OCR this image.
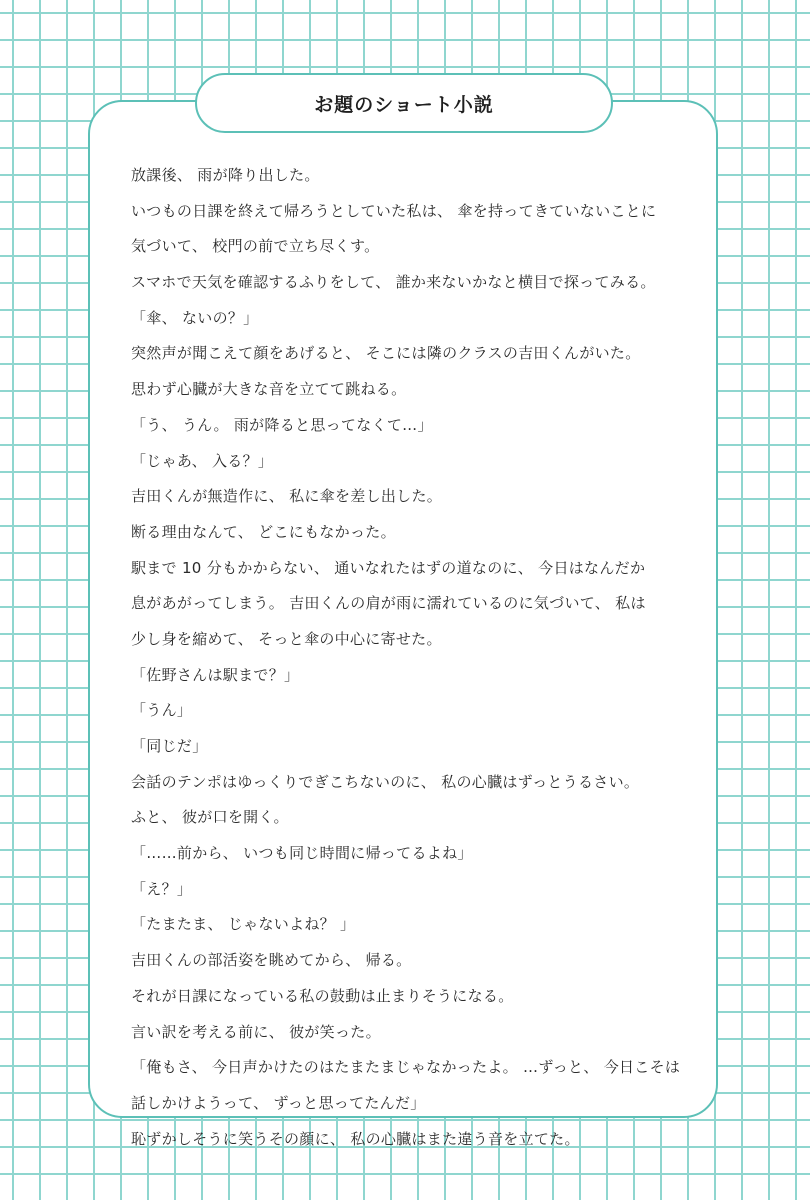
お題のショート小説
放課後、 雨が降り出した。
いつもの日課を終えて帰ろうとしていた私は、 傘を持ってきていないことに
気づいて、 校門の前で立ち尽くす。
スマホで天気を確認するふりをして、 誰か来ないかなと横目で探ってみる。
「傘、 ないの？」
突然声が聞こえて顔をあげると、 そこには隣のクラスの吉田くんがいた。
思わず心臓が大きな音を立てて跳ねる。
「う、 うん。 雨が降ると思ってなくて…」
「じゃあ、 入る？」
吉田くんが無造作に、 私に傘を差し出した。
断る理由なんて、 どこにもなかった。
駅まで 10 分もかからない、 通いなれたはずの道なのに、 今日はなんだか
息があがってしまう。 吉田くんの肩が雨に濡れているのに気づいて、 私は
少し身を縮めて、 そっと傘の中心に寄せた。
「佐野さんは駅まで？」
「うん」
「同じだ」
会話のテンポはゆっくりでぎこちないのに、 私の心臓はずっとうるさい。
ふと、 彼が口を開く。
「……前から、 いつも同じ時間に帰ってるよね」
「え？」
「たまたま、 じゃないよね？ 」
吉田くんの部活姿を眺めてから、 帰る。
それが日課になっている私の鼓動は止まりそうになる。
言い訳を考える前に、 彼が笑った。
「俺もさ、 今日声かけたのはたまたまじゃなかったよ。 …ずっと、 今日こそは
話しかけようって、 ずっと思ってたんだ」
恥ずかしそうに笑うその顔に、 私の心臓はまた違う音を立てた。
